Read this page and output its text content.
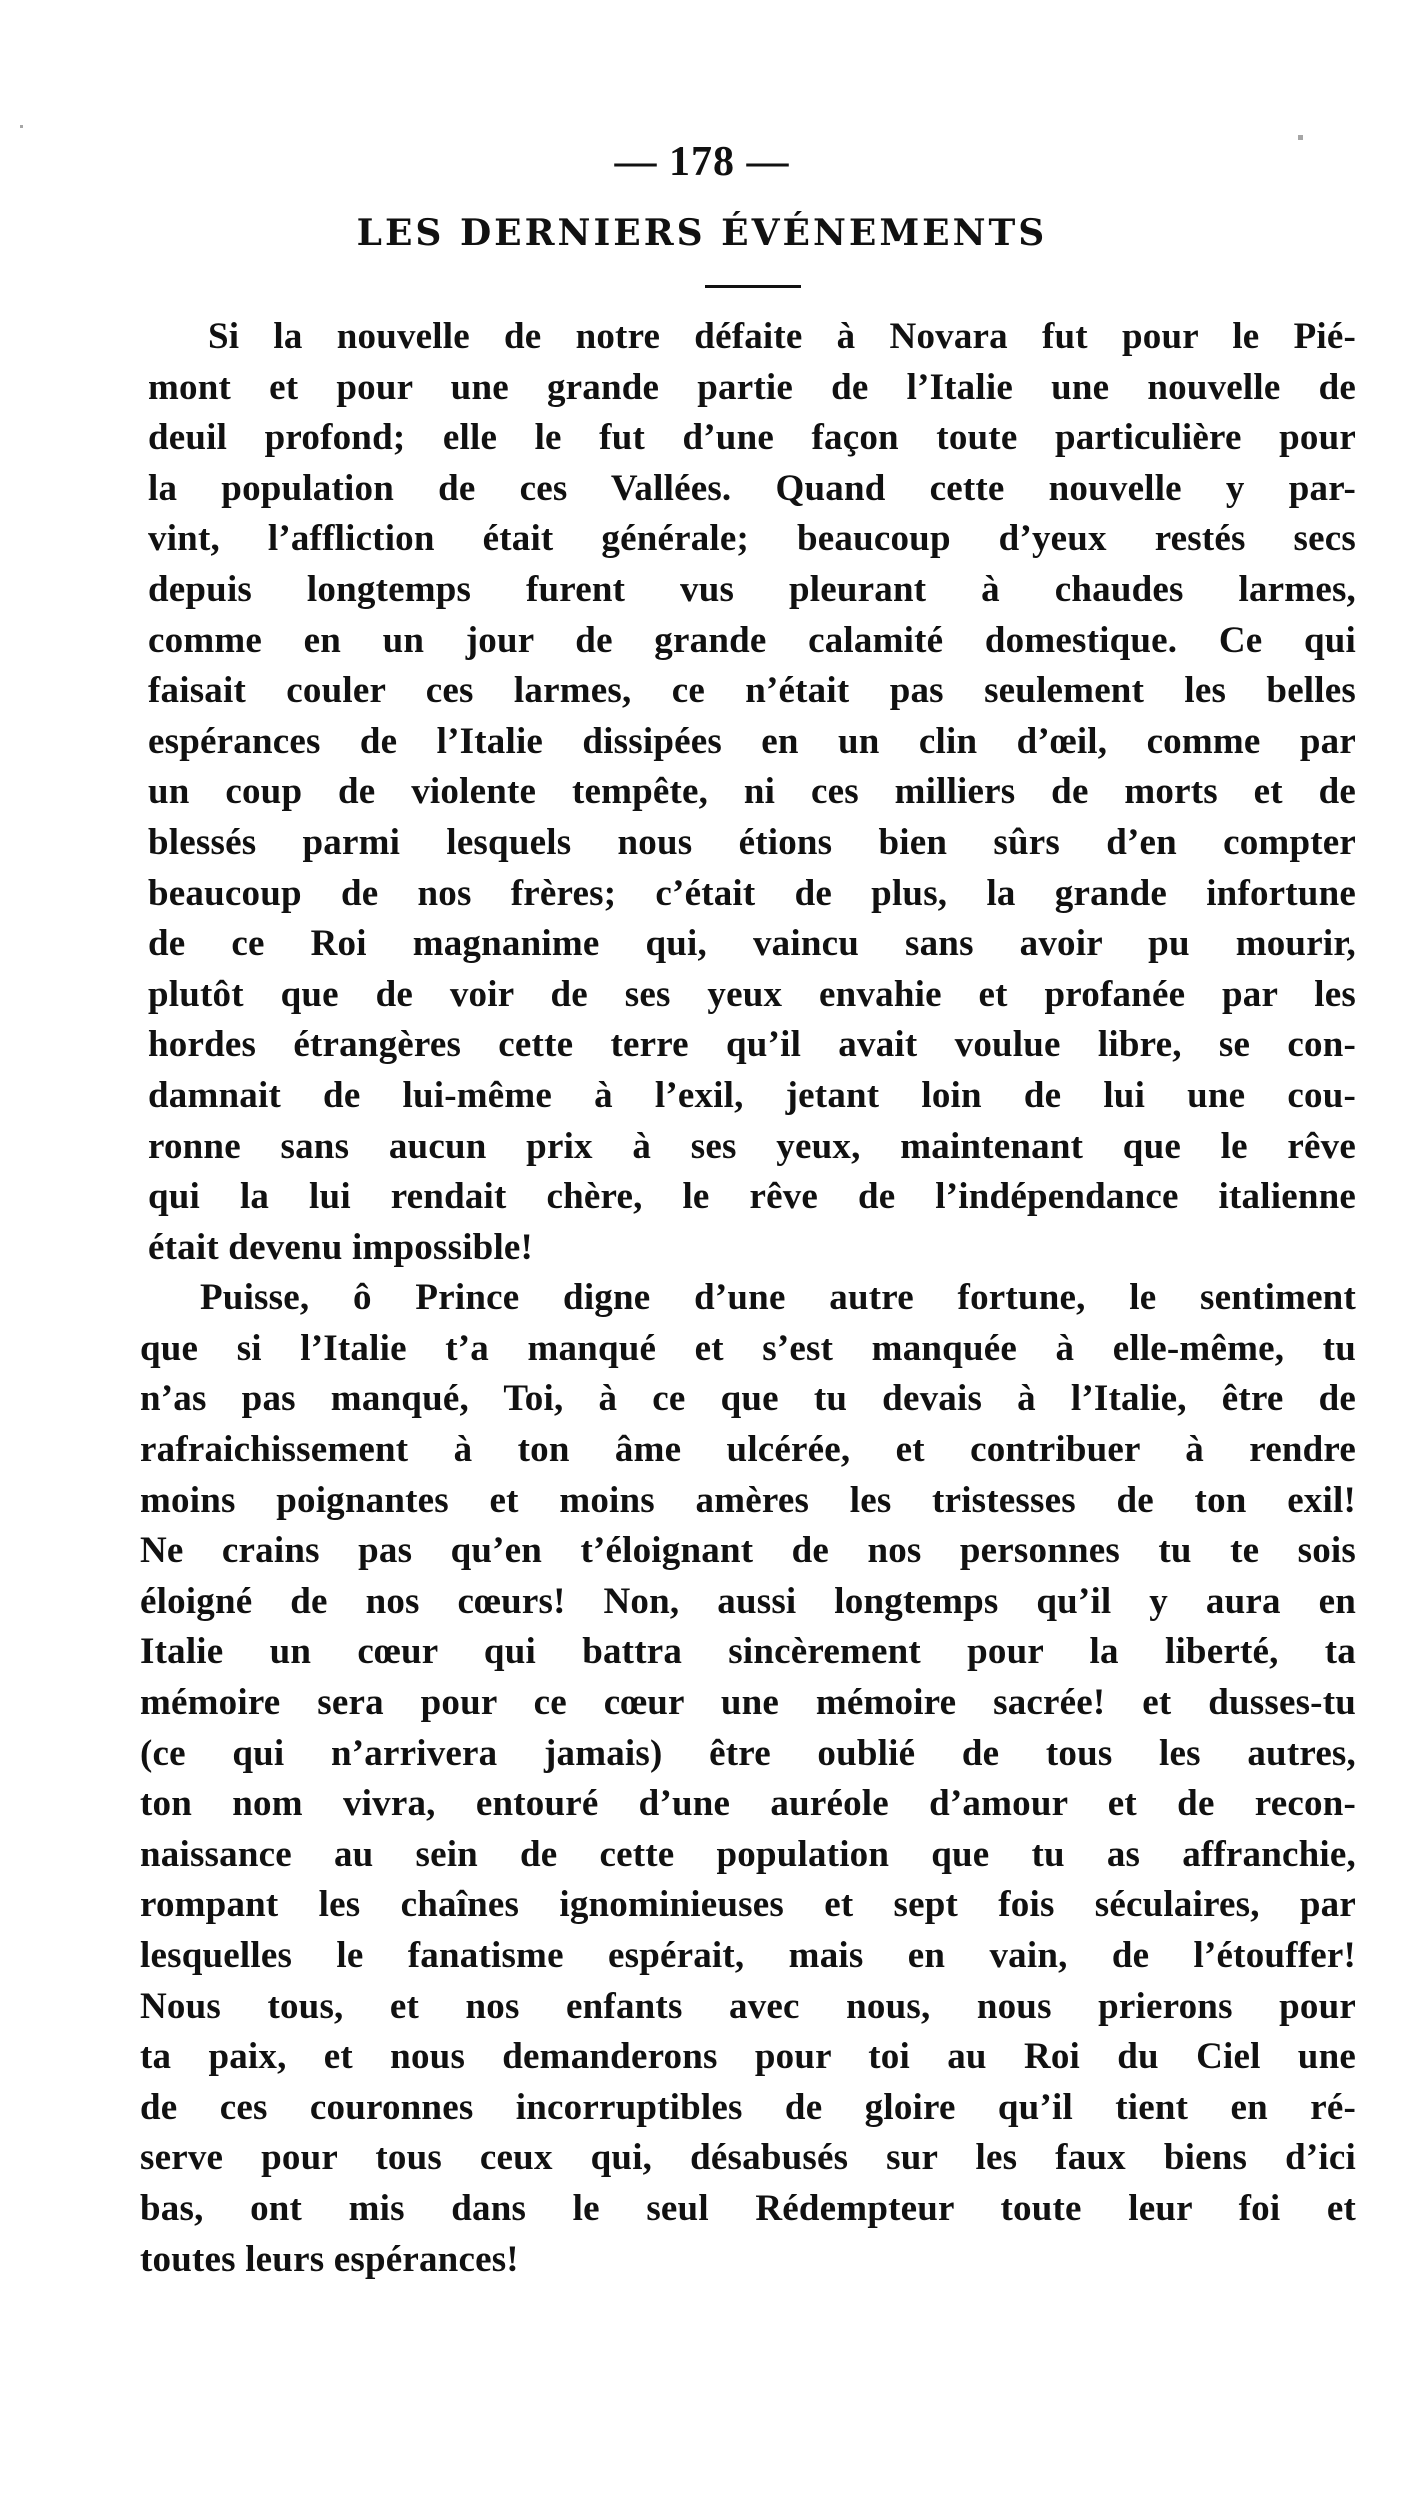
— 178 —
LES DERNIERS ÉVÉNEMENTS
Si la nouvelle de notre défaite à Novara fut pour le Pié-
mont et pour une grande partie de l’Italie une nouvelle de
deuil profond; elle le fut d’une façon toute particulière pour
la population de ces Vallées. Quand cette nouvelle y par-
vint, l’affliction était générale; beaucoup d’yeux restés secs
depuis longtemps furent vus pleurant à chaudes larmes,
comme en un jour de grande calamité domestique. Ce qui
faisait couler ces larmes, ce n’était pas seulement les belles
espérances de l’Italie dissipées en un clin d’œil, comme par
un coup de violente tempête, ni ces milliers de morts et de
blessés parmi lesquels nous étions bien sûrs d’en compter
beaucoup de nos frères; c’était de plus, la grande infortune
de ce Roi magnanime qui, vaincu sans avoir pu mourir,
plutôt que de voir de ses yeux envahie et profanée par les
hordes étrangères cette terre qu’il avait voulue libre, se con-
damnait de lui-même à l’exil, jetant loin de lui une cou-
ronne sans aucun prix à ses yeux, maintenant que le rêve
qui la lui rendait chère, le rêve de l’indépendance italienne
était devenu impossible!
Puisse, ô Prince digne d’une autre fortune, le sentiment
que si l’Italie t’a manqué et s’est manquée à elle-même, tu
n’as pas manqué, Toi, à ce que tu devais à l’Italie, être de
rafraichissement à ton âme ulcérée, et contribuer à rendre
moins poignantes et moins amères les tristesses de ton exil!
Ne crains pas qu’en t’éloignant de nos personnes tu te sois
éloigné de nos cœurs! Non, aussi longtemps qu’il y aura en
Italie un cœur qui battra sincèrement pour la liberté, ta
mémoire sera pour ce cœur une mémoire sacrée! et dusses-tu
(ce qui n’arrivera jamais) être oublié de tous les autres,
ton nom vivra, entouré d’une auréole d’amour et de recon-
naissance au sein de cette population que tu as affranchie,
rompant les chaînes ignominieuses et sept fois séculaires, par
lesquelles le fanatisme espérait, mais en vain, de l’étouffer!
Nous tous, et nos enfants avec nous, nous prierons pour
ta paix, et nous demanderons pour toi au Roi du Ciel une
de ces couronnes incorruptibles de gloire qu’il tient en ré-
serve pour tous ceux qui, désabusés sur les faux biens d’ici
bas, ont mis dans le seul Rédempteur toute leur foi et
toutes leurs espérances!
